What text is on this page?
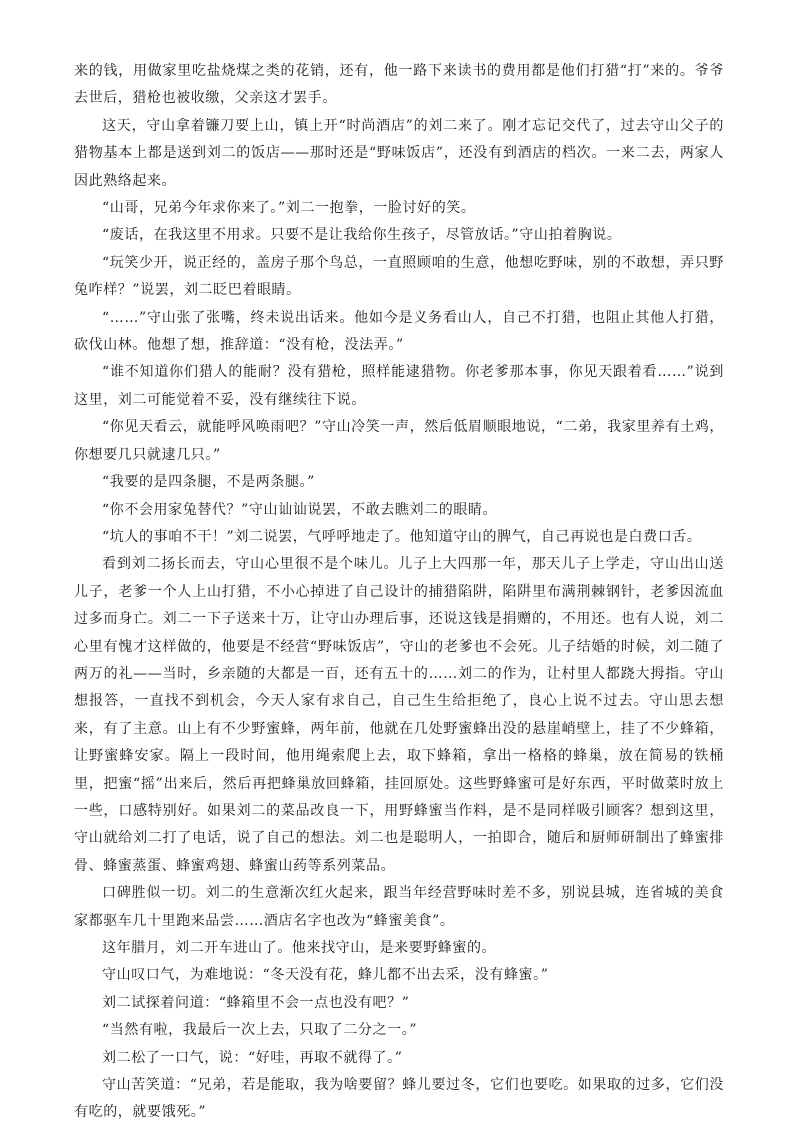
来的钱，用做家里吃盐烧煤之类的花销，还有，他一路下来读书的费用都是他们打猎“打”来的。爷爷去世后，猎枪也被收缴，父亲这才罢手。

这天，守山拿着镰刀要上山，镇上开“时尚酒店”的刘二来了。刚才忘记交代了，过去守山父子的猎物基本上都是送到刘二的饭店——那时还是“野味饭店”，还没有到酒店的档次。一来二去，两家人因此熟络起来。

“山哥，兄弟今年求你来了。”刘二一抱拳，一脸讨好的笑。

“废话，在我这里不用求。只要不是让我给你生孩子，尽管放话。”守山拍着胸说。

“玩笑少开，说正经的，盖房子那个鸟总，一直照顾咱的生意，他想吃野味，别的不敢想，弄只野兔咋样？”说罢，刘二眨巴着眼睛。

“……”守山张了张嘴，终未说出话来。他如今是义务看山人，自己不打猎，也阻止其他人打猎，砍伐山林。他想了想，推辞道：“没有枪，没法弄。”

“谁不知道你们猎人的能耐？没有猎枪，照样能逮猎物。你老爹那本事，你见天跟着看……”说到这里，刘二可能觉着不妥，没有继续往下说。

“你见天看云，就能呼风唤雨吧？”守山冷笑一声，然后低眉顺眼地说，“二弟，我家里养有土鸡，你想要几只就逮几只。”

“我要的是四条腿，不是两条腿。”

“你不会用家兔替代？”守山讪讪说罢，不敢去瞧刘二的眼睛。

“坑人的事咱不干！”刘二说罢，气呼呼地走了。他知道守山的脾气，自己再说也是白费口舌。

看到刘二扬长而去，守山心里很不是个味儿。儿子上大四那一年，那天儿子上学走，守山出山送儿子，老爹一个人上山打猎，不小心掉进了自己设计的捕猎陷阱，陷阱里布满荆棘钢针，老爹因流血过多而身亡。刘二一下子送来十万，让守山办理后事，还说这钱是捐赠的，不用还。也有人说，刘二心里有愧才这样做的，他要是不经营“野味饭店”，守山的老爹也不会死。儿子结婚的时候，刘二随了两万的礼——当时，乡亲随的大都是一百，还有五十的……刘二的作为，让村里人都跷大拇指。守山想报答，一直找不到机会，今天人家有求自己，自己生生给拒绝了，良心上说不过去。守山思去想来，有了主意。山上有不少野蜜蜂，两年前，他就在几处野蜜蜂出没的悬崖峭壁上，挂了不少蜂箱，让野蜜蜂安家。隔上一段时间，他用绳索爬上去，取下蜂箱，拿出一格格的蜂巢，放在简易的铁桶里，把蜜“摇”出来后，然后再把蜂巢放回蜂箱，挂回原处。这些野蜂蜜可是好东西，平时做菜时放上一些，口感特别好。如果刘二的菜品改良一下，用野蜂蜜当作料，是不是同样吸引顾客？想到这里，守山就给刘二打了电话，说了自己的想法。刘二也是聪明人，一拍即合，随后和厨师研制出了蜂蜜排骨、蜂蜜蒸蛋、蜂蜜鸡翅、蜂蜜山药等系列菜品。

口碑胜似一切。刘二的生意渐次红火起来，跟当年经营野味时差不多，别说县城，连省城的美食家都驱车几十里跑来品尝……酒店名字也改为“蜂蜜美食”。

这年腊月，刘二开车进山了。他来找守山，是来要野蜂蜜的。

守山叹口气，为难地说：“冬天没有花，蜂儿都不出去采，没有蜂蜜。”

刘二试探着问道：“蜂箱里不会一点也没有吧？”

“当然有啦，我最后一次上去，只取了二分之一。”

刘二松了一口气，说：“好哇，再取不就得了。”

守山苦笑道：“兄弟，若是能取，我为啥要留？蜂儿要过冬，它们也要吃。如果取的过多，它们没有吃的，就要饿死。”
